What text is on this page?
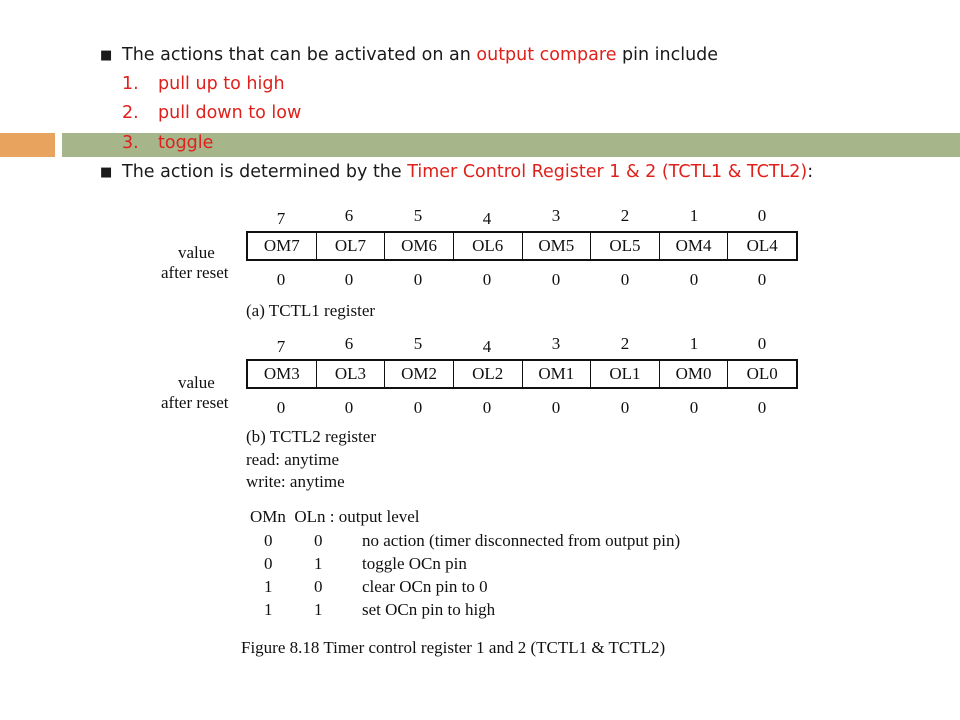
■ The actions that can be activated on an output compare pin include
1. pull up to high
2. pull down to low
3. toggle
■ The action is determined by the Timer Control Register 1 & 2 (TCTL1 & TCTL2):
7	6	5	4	3	2	1	0
value
after reset
OM7	OL7	OM6	OL6	OM5	OL5	OM4	OL4
0	0	0	0	0	0	0	0
(a) TCTL1 register
7	6	5	4	3	2	1	0
value
after reset
OM3	OL3	OM2	OL2	OM1	OL1	OM0	OL0
0	0	0	0	0	0	0	0
(b) TCTL2 register
read: anytime
write: anytime
OMn  OLn : output level
0 0 no action (timer disconnected from output pin)
0 1 toggle OCn pin
1 0 clear OCn pin to 0
1 1 set OCn pin to high
Figure 8.18 Timer control register 1 and 2 (TCTL1 & TCTL2)
